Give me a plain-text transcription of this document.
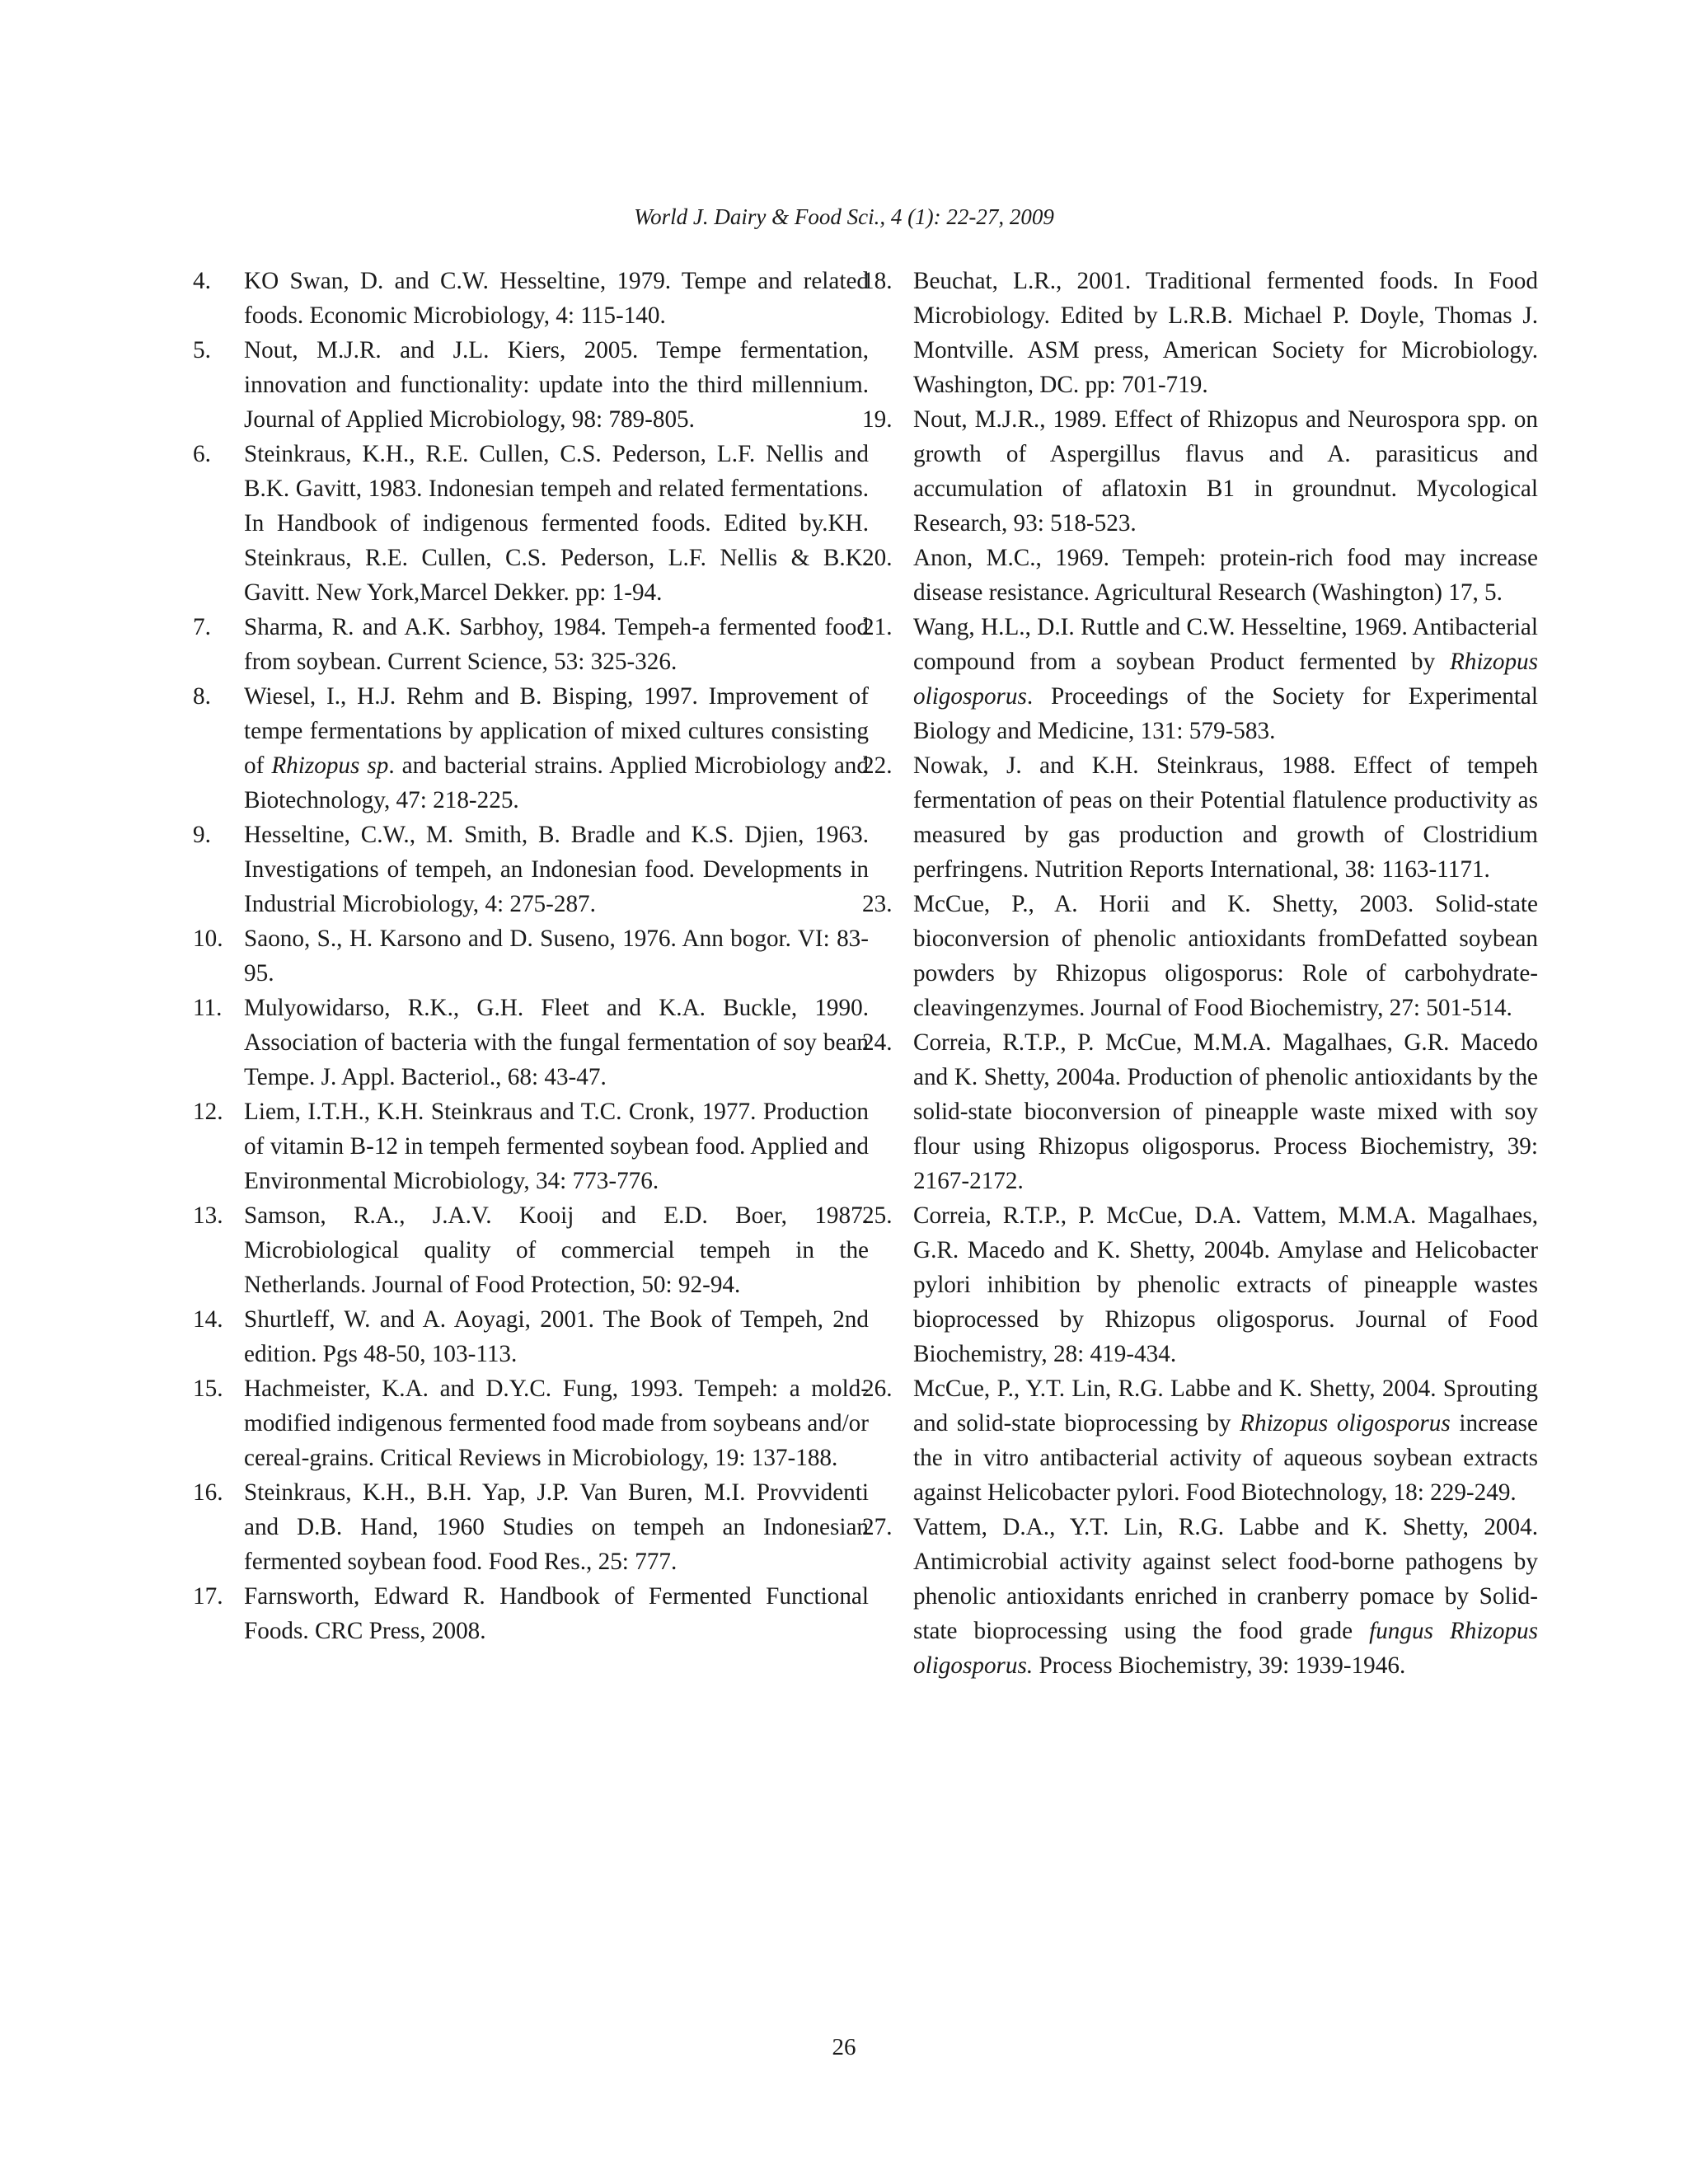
World J. Dairy & Food Sci., 4 (1): 22-27, 2009

4. KO Swan, D. and C.W. Hesseltine, 1979. Tempe and related foods. Economic Microbiology, 4: 115-140.

5. Nout, M.J.R. and J.L. Kiers, 2005. Tempe fermentation, innovation and functionality: update into the third millennium. Journal of Applied Microbiology, 98: 789-805.

6. Steinkraus, K.H., R.E. Cullen, C.S. Pederson, L.F. Nellis and B.K. Gavitt, 1983. Indonesian tempeh and related fermentations. In Handbook of indigenous fermented foods. Edited by.KH. Steinkraus, R.E. Cullen, C.S. Pederson, L.F. Nellis & B.K. Gavitt. New York,Marcel Dekker. pp: 1-94.

7. Sharma, R. and A.K. Sarbhoy, 1984. Tempeh-a fermented food from soybean. Current Science, 53: 325-326.

8. Wiesel, I., H.J. Rehm and B. Bisping, 1997. Improvement of tempe fermentations by application of mixed cultures consisting of Rhizopus sp. and bacterial strains. Applied Microbiology and Biotechnology, 47: 218-225.

9. Hesseltine, C.W., M. Smith, B. Bradle and K.S. Djien, 1963. Investigations of tempeh, an Indonesian food. Developments in Industrial Microbiology, 4: 275-287.

10. Saono, S., H. Karsono and D. Suseno, 1976. Ann bogor. VI: 83-95.

11. Mulyowidarso, R.K., G.H. Fleet and K.A. Buckle, 1990. Association of bacteria with the fungal fermentation of soy bean Tempe. J. Appl. Bacteriol., 68: 43-47.

12. Liem, I.T.H., K.H. Steinkraus and T.C. Cronk, 1977. Production of vitamin B-12 in tempeh fermented soybean food. Applied and Environmental Microbiology, 34: 773-776.

13. Samson, R.A., J.A.V. Kooij and E.D. Boer, 1987. Microbiological quality of commercial tempeh in the Netherlands. Journal of Food Protection, 50: 92-94.

14. Shurtleff, W. and A. Aoyagi, 2001. The Book of Tempeh, 2nd edition. Pgs 48-50, 103-113.

15. Hachmeister, K.A. and D.Y.C. Fung, 1993. Tempeh: a mold-modified indigenous fermented food made from soybeans and/or cereal-grains. Critical Reviews in Microbiology, 19: 137-188.

16. Steinkraus, K.H., B.H. Yap, J.P. Van Buren, M.I. Provvidenti and D.B. Hand, 1960 Studies on tempeh an Indonesian fermented soybean food. Food Res., 25: 777.

17. Farnsworth, Edward R. Handbook of Fermented Functional Foods. CRC Press, 2008.

18. Beuchat, L.R., 2001. Traditional fermented foods. In Food Microbiology. Edited by L.R.B. Michael P. Doyle, Thomas J. Montville. ASM press, American Society for Microbiology. Washington, DC. pp: 701-719.

19. Nout, M.J.R., 1989. Effect of Rhizopus and Neurospora spp. on growth of Aspergillus flavus and A. parasiticus and accumulation of aflatoxin B1 in groundnut. Mycological Research, 93: 518-523.

20. Anon, M.C., 1969. Tempeh: protein-rich food may increase disease resistance. Agricultural Research (Washington) 17, 5.

21. Wang, H.L., D.I. Ruttle and C.W. Hesseltine, 1969. Antibacterial compound from a soybean Product fermented by Rhizopus oligosporus. Proceedings of the Society for Experimental Biology and Medicine, 131: 579-583.

22. Nowak, J. and K.H. Steinkraus, 1988. Effect of tempeh fermentation of peas on their Potential flatulence productivity as measured by gas production and growth of Clostridium perfringens. Nutrition Reports International, 38: 1163-1171.

23. McCue, P., A. Horii and K. Shetty, 2003. Solid-state bioconversion of phenolic antioxidants fromDefatted soybean powders by Rhizopus oligosporus: Role of carbohydrate-cleavingenzymes. Journal of Food Biochemistry, 27: 501-514.

24. Correia, R.T.P., P. McCue, M.M.A. Magalhaes, G.R. Macedo and K. Shetty, 2004a. Production of phenolic antioxidants by the solid-state bioconversion of pineapple waste mixed with soy flour using Rhizopus oligosporus. Process Biochemistry, 39: 2167-2172.

25. Correia, R.T.P., P. McCue, D.A. Vattem, M.M.A. Magalhaes, G.R. Macedo and K. Shetty, 2004b. Amylase and Helicobacter pylori inhibition by phenolic extracts of pineapple wastes bioprocessed by Rhizopus oligosporus. Journal of Food Biochemistry, 28: 419-434.

26. McCue, P., Y.T. Lin, R.G. Labbe and K. Shetty, 2004. Sprouting and solid-state bioprocessing by Rhizopus oligosporus increase the in vitro antibacterial activity of aqueous soybean extracts against Helicobacter pylori. Food Biotechnology, 18: 229-249.

27. Vattem, D.A., Y.T. Lin, R.G. Labbe and K. Shetty, 2004. Antimicrobial activity against select food-borne pathogens by phenolic antioxidants enriched in cranberry pomace by Solid-state bioprocessing using the food grade fungus Rhizopus oligosporus. Process Biochemistry, 39: 1939-1946.

26
